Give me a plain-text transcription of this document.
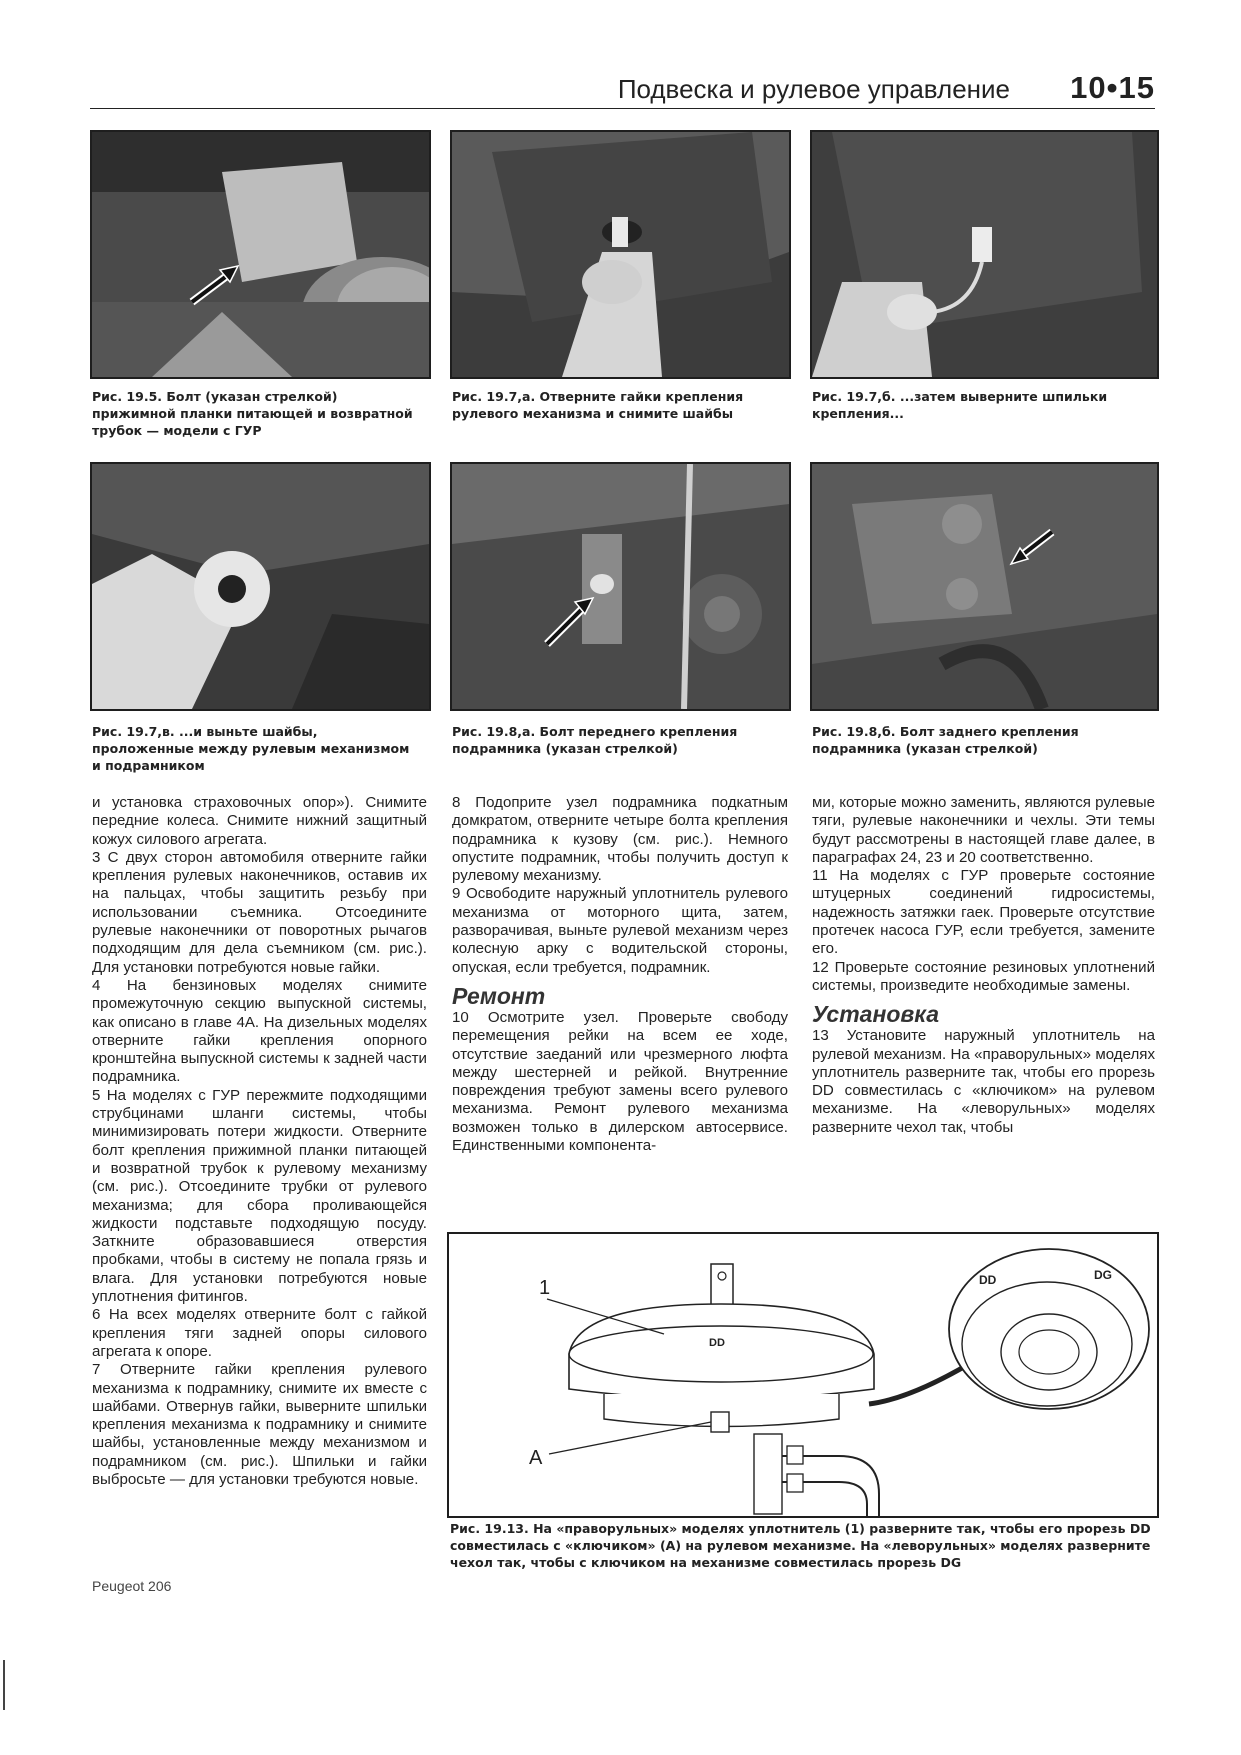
Подвеска и рулевое управление 10•15
Рис. 19.5. Болт (указан стрелкой) прижимной планки питающей и возвратной трубок — модели с ГУР
Рис. 19.7,а. Отверните гайки крепления рулевого механизма и снимите шайбы
Рис. 19.7,б. ...затем выверните шпильки крепления...
Рис. 19.7,в. ...и выньте шайбы, проложенные между рулевым механизмом и подрамником
Рис. 19.8,а. Болт переднего крепления подрамника (указан стрелкой)
Рис. 19.8,б. Болт заднего крепления подрамника (указан стрелкой)

и установка страховочных опор»). Снимите передние колеса. Снимите нижний защитный кожух силового агрегата.

3 С двух сторон автомобиля отверните гайки крепления рулевых наконечников, оставив их на пальцах, чтобы защитить резьбу при использовании съемника. Отсоедините рулевые наконечники от поворотных рычагов подходящим для дела съемником (см. рис.). Для установки потребуются новые гайки.

4 На бензиновых моделях снимите промежуточную секцию выпускной системы, как описано в главе 4А. На дизельных моделях отверните гайки крепления опорного кронштейна выпускной системы к задней части подрамника.

5 На моделях с ГУР пережмите подходящими струбцинами шланги системы, чтобы минимизировать потери жидкости. Отверните болт крепления прижимной планки питающей и возвратной трубок к рулевому механизму (см. рис.). Отсоедините трубки от рулевого механизма; для сбора проливающейся жидкости подставьте подходящую посуду. Заткните образовавшиеся отверстия пробками, чтобы в систему не попала грязь и влага. Для установки потребуются новые уплотнения фитингов.

6 На всех моделях отверните болт с гайкой крепления тяги задней опоры силового агрегата к опоре.

7 Отверните гайки крепления рулевого механизма к подрамнику, снимите их вместе с шайбами. Отвернув гайки, выверните шпильки крепления механизма к подрамнику и снимите шайбы, установленные между механизмом и подрамником (см. рис.). Шпильки и гайки выбросьте — для установки требуются новые.

8 Подоприте узел подрамника подкатным домкратом, отверните четыре болта крепления подрамника к кузову (см. рис.). Немного опустите подрамник, чтобы получить доступ к рулевому механизму.

9 Освободите наружный уплотнитель рулевого механизма от моторного щита, затем, разворачивая, выньте рулевой механизм через колесную арку с водительской стороны, опуская, если требуется, подрамник.

Ремонт

10 Осмотрите узел. Проверьте свободу перемещения рейки на всем ее ходе, отсутствие заеданий или чрезмерного люфта между шестерней и рейкой. Внутренние повреждения требуют замены всего рулевого механизма. Ремонт рулевого механизма возможен только в дилерском автосервисе. Единственными компонента-

ми, которые можно заменить, являются рулевые тяги, рулевые наконечники и чехлы. Эти темы будут рассмотрены в настоящей главе далее, в параграфах 24, 23 и 20 соответственно.

11 На моделях с ГУР проверьте состояние штуцерных соединений гидросистемы, надежность затяжки гаек. Проверьте отсутствие протечек насоса ГУР, если требуется, замените его.

12 Проверьте состояние резиновых уплотнений системы, произведите необходимые замены.

Установка

13 Установите наружный уплотнитель на рулевой механизм. На «праворульных» моделях уплотнитель разверните так, чтобы его прорезь DD совместилась с «ключиком» на рулевом механизме. На «леворульных» моделях разверните чехол так, чтобы

1
A
DD
DD	DG
Рис. 19.13. На «праворульных» моделях уплотнитель (1) разверните так, чтобы его прорезь DD совместилась с «ключиком» (A) на рулевом механизме. На «леворульных» моделях разверните чехол так, чтобы с ключиком на механизме совместилась прорезь DG
Peugeot 206
